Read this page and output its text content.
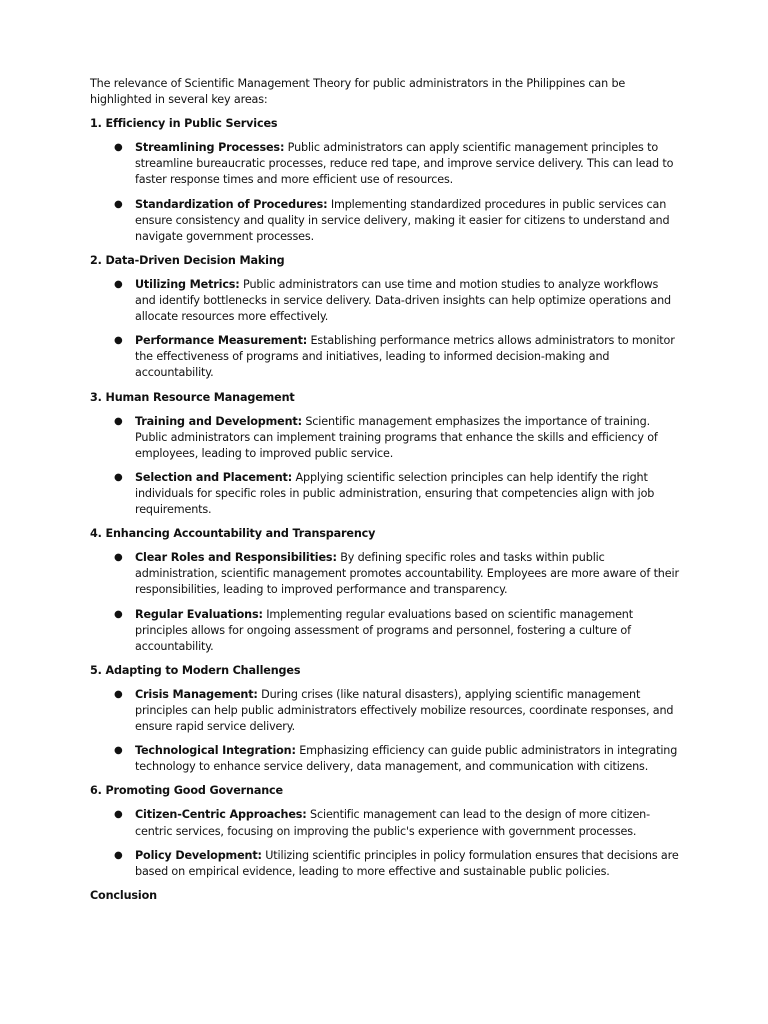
The relevance of Scientific Management Theory for public administrators in the Philippines can be highlighted in several key areas:

1. Efficiency in Public Services

● Streamlining Processes: Public administrators can apply scientific management principles to streamline bureaucratic processes, reduce red tape, and improve service delivery. This can lead to faster response times and more efficient use of resources.
● Standardization of Procedures: Implementing standardized procedures in public services can ensure consistency and quality in service delivery, making it easier for citizens to understand and navigate government processes.

2. Data-Driven Decision Making

● Utilizing Metrics: Public administrators can use time and motion studies to analyze workflows and identify bottlenecks in service delivery. Data-driven insights can help optimize operations and allocate resources more effectively.
● Performance Measurement: Establishing performance metrics allows administrators to monitor the effectiveness of programs and initiatives, leading to informed decision-making and accountability.

3. Human Resource Management

● Training and Development: Scientific management emphasizes the importance of training. Public administrators can implement training programs that enhance the skills and efficiency of employees, leading to improved public service.
● Selection and Placement: Applying scientific selection principles can help identify the right individuals for specific roles in public administration, ensuring that competencies align with job requirements.

4. Enhancing Accountability and Transparency

● Clear Roles and Responsibilities: By defining specific roles and tasks within public administration, scientific management promotes accountability. Employees are more aware of their responsibilities, leading to improved performance and transparency.
● Regular Evaluations: Implementing regular evaluations based on scientific management principles allows for ongoing assessment of programs and personnel, fostering a culture of accountability.

5. Adapting to Modern Challenges

● Crisis Management: During crises (like natural disasters), applying scientific management principles can help public administrators effectively mobilize resources, coordinate responses, and ensure rapid service delivery.
● Technological Integration: Emphasizing efficiency can guide public administrators in integrating technology to enhance service delivery, data management, and communication with citizens.

6. Promoting Good Governance

● Citizen-Centric Approaches: Scientific management can lead to the design of more citizen-centric services, focusing on improving the public's experience with government processes.
● Policy Development: Utilizing scientific principles in policy formulation ensures that decisions are based on empirical evidence, leading to more effective and sustainable public policies.

Conclusion
